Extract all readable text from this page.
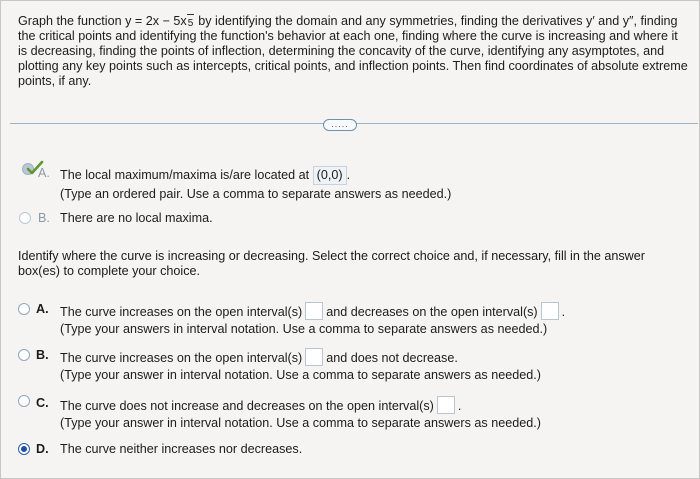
Graph the function y = 2x − 5x 5 by identifying the domain and any symmetries, finding the derivatives y′ and y″, finding the critical points and identifying the function's behavior at each one, finding where the curve is increasing and where it is decreasing, finding the points of inflection, determining the concavity of the curve, identifying any asymptotes, and plotting any key points such as intercepts, critical points, and inflection points. Then find coordinates of absolute extreme points, if any.
.....
A. The local maximum/maxima is/are located at (0,0) .
(Type an ordered pair. Use a comma to separate answers as needed.)
B. There are no local maxima.
Identify where the curve is increasing or decreasing. Select the correct choice and, if necessary, fill in the answer box(es) to complete your choice.
A. The curve increases on the open interval(s) and decreases on the open interval(s) .
(Type your answers in interval notation. Use a comma to separate answers as needed.)
B. The curve increases on the open interval(s) and does not decrease.
(Type your answer in interval notation. Use a comma to separate answers as needed.)
C. The curve does not increase and decreases on the open interval(s) .
(Type your answer in interval notation. Use a comma to separate answers as needed.)
D. The curve neither increases nor decreases.
